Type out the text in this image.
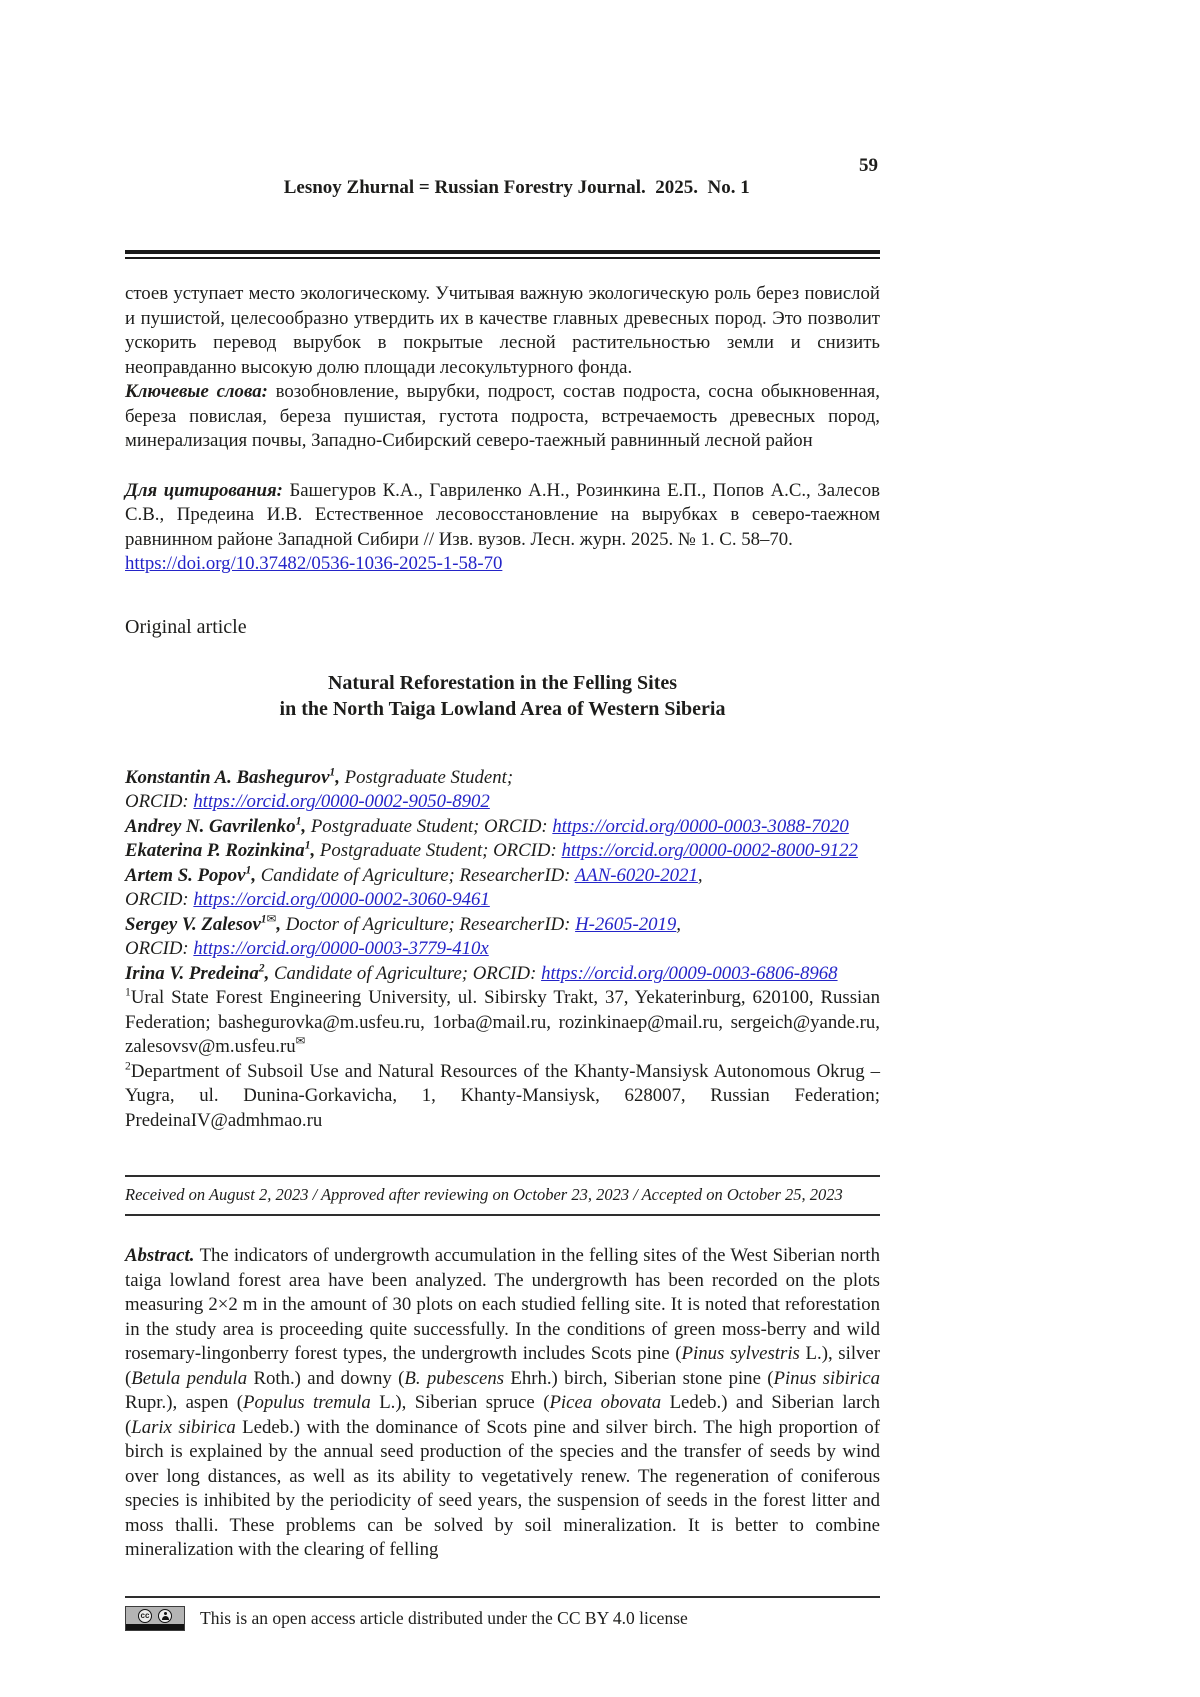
Lesnoy Zhurnal = Russian Forestry Journal.  2025.  No. 1

59

стоев уступает место экологическому. Учитывая важную экологическую роль берез повислой и пушистой, целесообразно утвердить их в качестве главных древесных пород. Это позволит ускорить перевод вырубок в покрытые лесной растительностью земли и снизить неоправданно высокую долю площади лесокультурного фонда.
Ключевые слова: возобновление, вырубки, подрост, состав подроста, сосна обыкновенная, береза повислая, береза пушистая, густота подроста, встречаемость древесных пород, минерализация почвы, Западно-Сибирский северо-таежный равнинный лесной район
Для цитирования: Башегуров К.А., Гавриленко А.Н., Розинкина Е.П., Попов А.С., Залесов С.В., Предеина И.В. Естественное лесовосстановление на вырубках в северо-таежном равнинном районе Западной Сибири // Изв. вузов. Лесн. журн. 2025. № 1. С. 58–70.
https://doi.org/10.37482/0536-1036-2025-1-58-70
Original article
Natural Reforestation in the Felling Sites
in the North Taiga Lowland Area of Western Siberia
Konstantin A. Bashegurov$^1$, Postgraduate Student;
ORCID: https://orcid.org/0000-0002-9050-8902
Andrey N. Gavrilenko$^1$, Postgraduate Student; ORCID: https://orcid.org/0000-0003-3088-7020
Ekaterina P. Rozinkina$^1$, Postgraduate Student; ORCID: https://orcid.org/0000-0002-8000-9122
Artem S. Popov$^1$, Candidate of Agriculture; ResearcherID: AAN-6020-2021,
ORCID: https://orcid.org/0000-0002-3060-9461
Sergey V. Zalesov$^{1✉}$, Doctor of Agriculture; ResearcherID: H-2605-2019,
ORCID: https://orcid.org/0000-0003-3779-410x
Irina V. Predeina$^2$, Candidate of Agriculture; ORCID: https://orcid.org/0009-0003-6806-8968
$^1$Ural State Forest Engineering University, ul. Sibirsky Trakt, 37, Yekaterinburg, 620100, Russian Federation; bashegurovka@m.usfeu.ru, 1orba@mail.ru, rozinkinaep@mail.ru, sergeich@yande.ru, zalesovsv@m.usfeu.ru✉
$^2$Department of Subsoil Use and Natural Resources of the Khanty-Mansiysk Autonomous Okrug – Yugra, ul. Dunina-Gorkavicha, 1, Khanty-Mansiysk, 628007, Russian Federation; PredeinaIV@admhmao.ru
Received on August 2, 2023 / Approved after reviewing on October 23, 2023 / Accepted on October 25, 2023
Abstract. The indicators of undergrowth accumulation in the felling sites of the West Siberian north taiga lowland forest area have been analyzed. The undergrowth has been recorded on the plots measuring 2×2 m in the amount of 30 plots on each studied felling site. It is noted that reforestation in the study area is proceeding quite successfully. In the conditions of green moss-berry and wild rosemary-lingonberry forest types, the undergrowth includes Scots pine (Pinus sylvestris L.), silver (Betula pendula Roth.) and downy (B. pubescens Ehrh.) birch, Siberian stone pine (Pinus sibirica Rupr.), aspen (Populus tremula L.), Siberian spruce (Picea obovata Ledeb.) and Siberian larch (Larix sibirica Ledeb.) with the dominance of Scots pine and silver birch. The high proportion of birch is explained by the annual seed production of the species and the transfer of seeds by wind over long distances, as well as its ability to vegetatively renew. The regeneration of coniferous species is inhibited by the periodicity of seed years, the suspension of seeds in the forest litter and moss thalli. These problems can be solved by soil mineralization. It is better to combine mineralization with the clearing of felling
cc	This is an open access article distributed under the CC BY 4.0 license
